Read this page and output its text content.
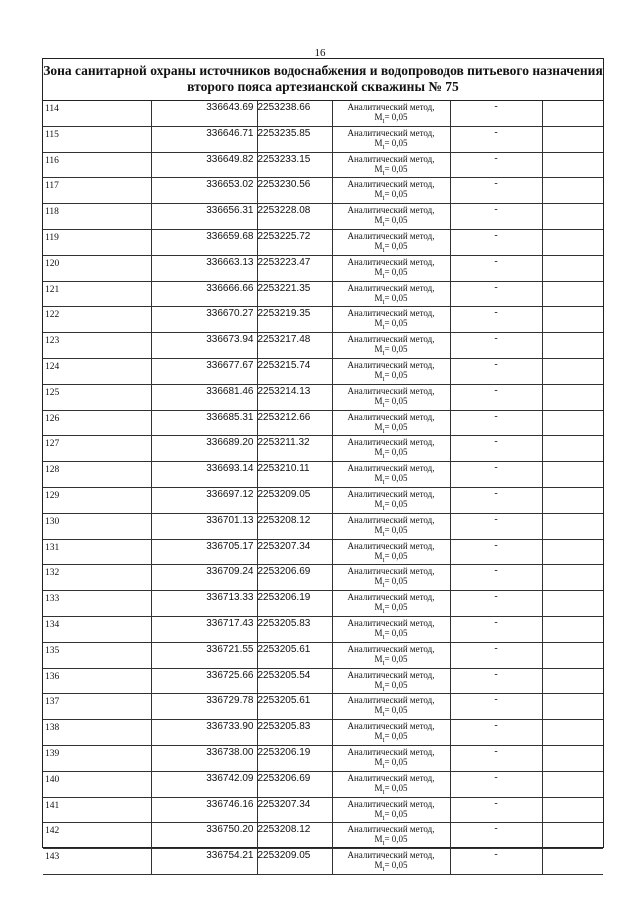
16
Зона санитарной охраны источников водоснабжения и водопроводов питьевого назначения
второго пояса артезианской скважины № 75
114	336643.69	2253238.66	Аналитический метод,
$M_t= 0,05$	-	
115	336646.71	2253235.85	Аналитический метод,
$M_t= 0,05$	-	
116	336649.82	2253233.15	Аналитический метод,
$M_t= 0,05$	-	
117	336653.02	2253230.56	Аналитический метод,
$M_t= 0,05$	-	
118	336656.31	2253228.08	Аналитический метод,
$M_t= 0,05$	-	
119	336659.68	2253225.72	Аналитический метод,
$M_t= 0,05$	-	
120	336663.13	2253223.47	Аналитический метод,
$M_t= 0,05$	-	
121	336666.66	2253221.35	Аналитический метод,
$M_t= 0,05$	-	
122	336670.27	2253219.35	Аналитический метод,
$M_t= 0,05$	-	
123	336673.94	2253217.48	Аналитический метод,
$M_t= 0,05$	-	
124	336677.67	2253215.74	Аналитический метод,
$M_t= 0,05$	-	
125	336681.46	2253214.13	Аналитический метод,
$M_t= 0,05$	-	
126	336685.31	2253212.66	Аналитический метод,
$M_t= 0,05$	-	
127	336689.20	2253211.32	Аналитический метод,
$M_t= 0,05$	-	
128	336693.14	2253210.11	Аналитический метод,
$M_t= 0,05$	-	
129	336697.12	2253209.05	Аналитический метод,
$M_t= 0,05$	-	
130	336701.13	2253208.12	Аналитический метод,
$M_t= 0,05$	-	
131	336705.17	2253207.34	Аналитический метод,
$M_t= 0,05$	-	
132	336709.24	2253206.69	Аналитический метод,
$M_t= 0,05$	-	
133	336713.33	2253206.19	Аналитический метод,
$M_t= 0,05$	-	
134	336717.43	2253205.83	Аналитический метод,
$M_t= 0,05$	-	
135	336721.55	2253205.61	Аналитический метод,
$M_t= 0,05$	-	
136	336725.66	2253205.54	Аналитический метод,
$M_t= 0,05$	-	
137	336729.78	2253205.61	Аналитический метод,
$M_t= 0,05$	-	
138	336733.90	2253205.83	Аналитический метод,
$M_t= 0,05$	-	
139	336738.00	2253206.19	Аналитический метод,
$M_t= 0,05$	-	
140	336742.09	2253206.69	Аналитический метод,
$M_t= 0,05$	-	
141	336746.16	2253207.34	Аналитический метод,
$M_t= 0,05$	-	
142	336750.20	2253208.12	Аналитический метод,
$M_t= 0,05$	-	
143	336754.21	2253209.05	Аналитический метод,
$M_t= 0,05$	-	
